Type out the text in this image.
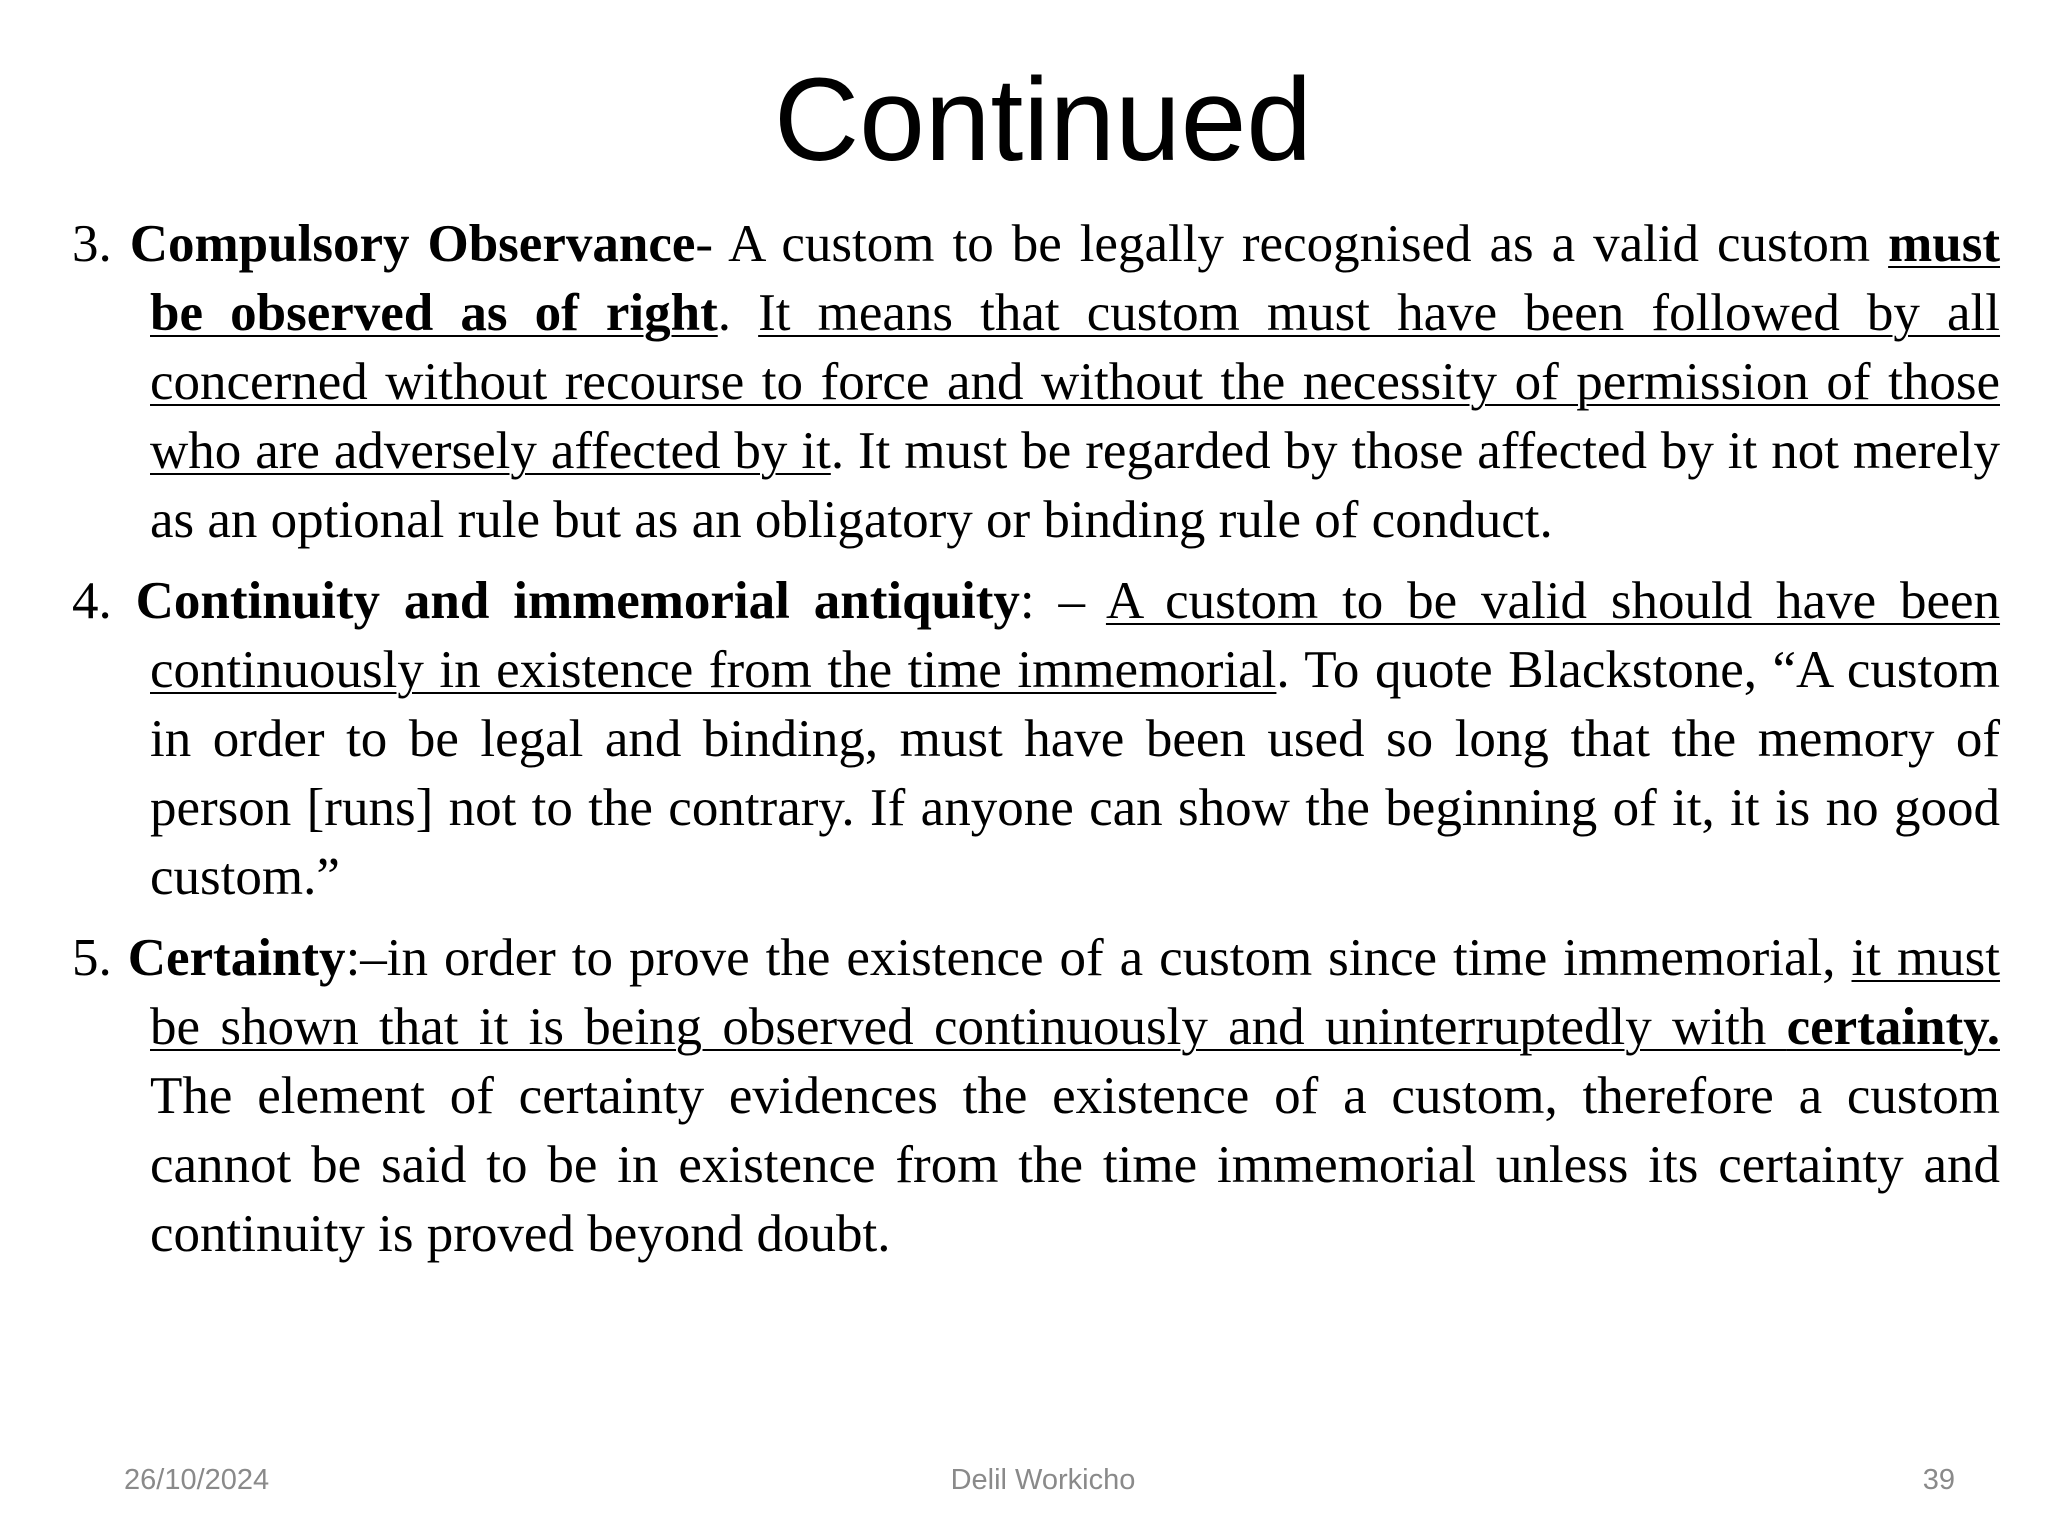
Continued

3. Compulsory Observance- A custom to be legally recognised as a valid custom must be observed as of right. It means that custom must have been followed by all concerned without recourse to force and without the necessity of permission of those who are adversely affected by it. It must be regarded by those affected by it not merely as an optional rule but as an obligatory or binding rule of conduct.

4. Continuity and immemorial antiquity: – A custom to be valid should have been continuously in existence from the time immemorial. To quote Blackstone, “A custom in order to be legal and binding, must have been used so long that the memory of person [runs] not to the contrary. If anyone can show the beginning of it, it is no good custom.”

5. Certainty:–in order to prove the existence of a custom since time immemorial, it must be shown that it is being observed continuously and uninterruptedly with certainty. The element of certainty evidences the existence of a custom, therefore a custom cannot be said to be in existence from the time immemorial unless its certainty and continuity is proved beyond doubt.

26/10/2024	Delil Workicho	39
